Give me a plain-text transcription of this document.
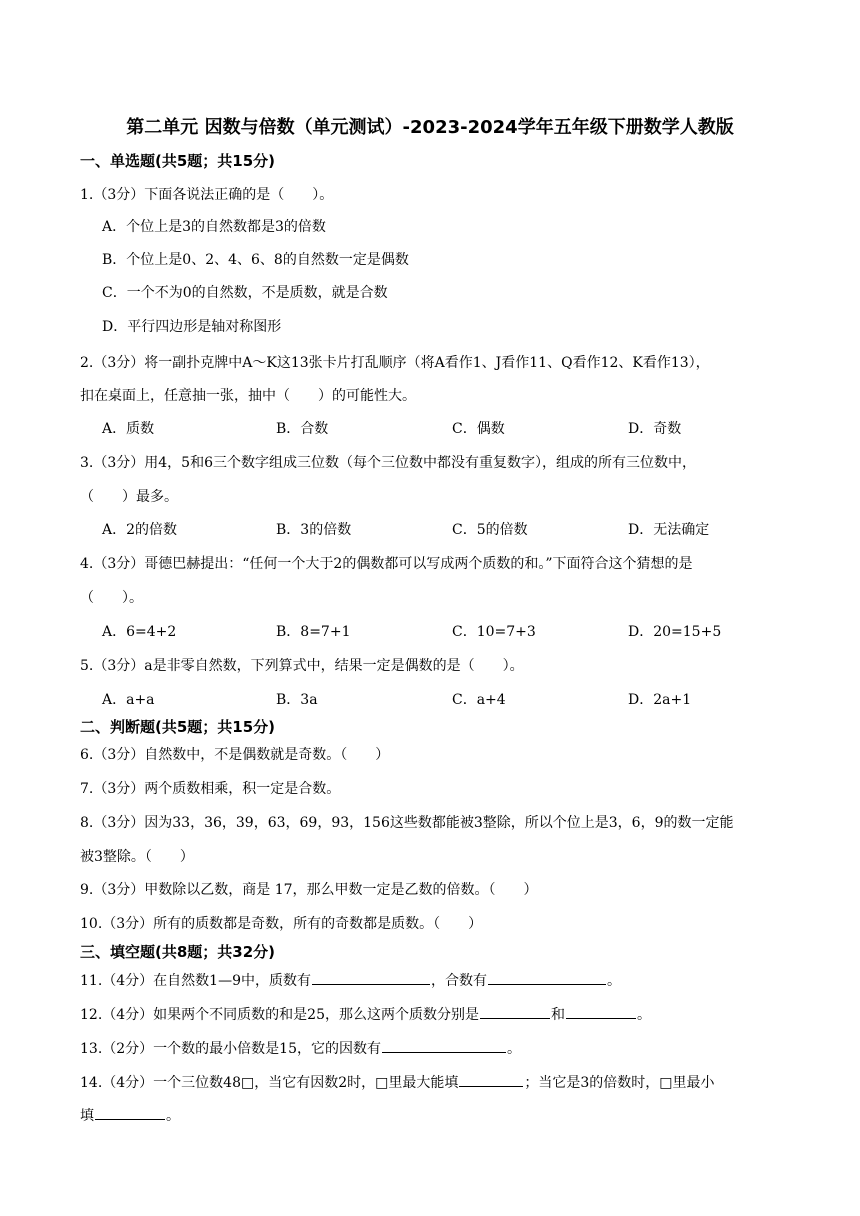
第二单元 因数与倍数（单元测试）-2023-2024学年五年级下册数学人教版
一、单选题(共5题；共15分)
1.（3分）下面各说法正确的是（　　）。
A．个位上是3的自然数都是3的倍数
B．个位上是0、2、4、6、8的自然数一定是偶数
C．一个不为0的自然数，不是质数，就是合数
D．平行四边形是轴对称图形
2.（3分）将一副扑克牌中A～K这13张卡片打乱顺序（将A看作1、J看作11、Q看作12、K看作13），
扣在桌面上，任意抽一张，抽中（　　）的可能性大。
A．质数	B．合数	C．偶数	D．奇数
3.（3分）用4，5和6三个数字组成三位数（每个三位数中都没有重复数字），组成的所有三位数中，
（　　）最多。
A．2的倍数	B．3的倍数	C．5的倍数	D．无法确定
4.（3分）哥德巴赫提出：“任何一个大于2的偶数都可以写成两个质数的和。”下面符合这个猜想的是
（　　）。
A．6=4+2	B．8=7+1	C．10=7+3	D．20=15+5
5.（3分）a是非零自然数，下列算式中，结果一定是偶数的是（　　）。
A．a+a	B．3a	C．a+4	D．2a+1
二、判断题(共5题；共15分)
6.（3分）自然数中，不是偶数就是奇数。（　　）
7.（3分）两个质数相乘，积一定是合数。
8.（3分）因为33，36，39，63，69，93，156这些数都能被3整除，所以个位上是3，6，9的数一定能
被3整除。（　　）
9.（3分）甲数除以乙数，商是 17，那么甲数一定是乙数的倍数。（　　）
10.（3分）所有的质数都是奇数，所有的奇数都是质数。（　　）
三、填空题(共8题；共32分)
11.（4分）在自然数1—9中，质数有	，合数有	。
12.（4分）如果两个不同质数的和是25，那么这两个质数分别是	和	。
13.（2分）一个数的最小倍数是15，它的因数有	。
14.（4分）一个三位数48□，当它有因数2时，□里最大能填	；当它是3的倍数时，□里最小
填	。
